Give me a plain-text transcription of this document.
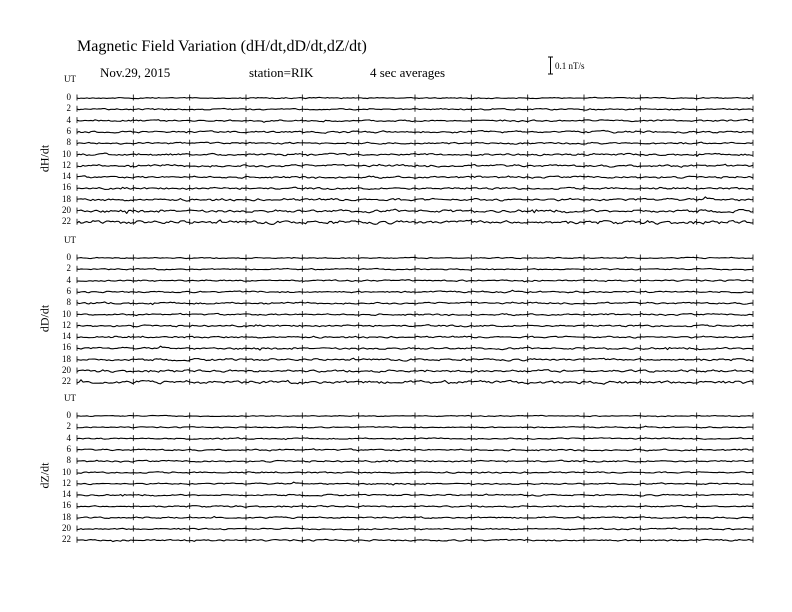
Magnetic Field Variation (dH/dt,dD/dt,dZ/dt)
Nov.29, 2015	station=RIK	4 sec averages	0.1 nT/s
UT
UT
UT
dH/dt
dD/dt
dZ/dt
0
2
4
6
8
10
12
14
16
18
20
22
0
2
4
6
8
10
12
14
16
18
20
22
0
2
4
6
8
10
12
14
16
18
20
22
